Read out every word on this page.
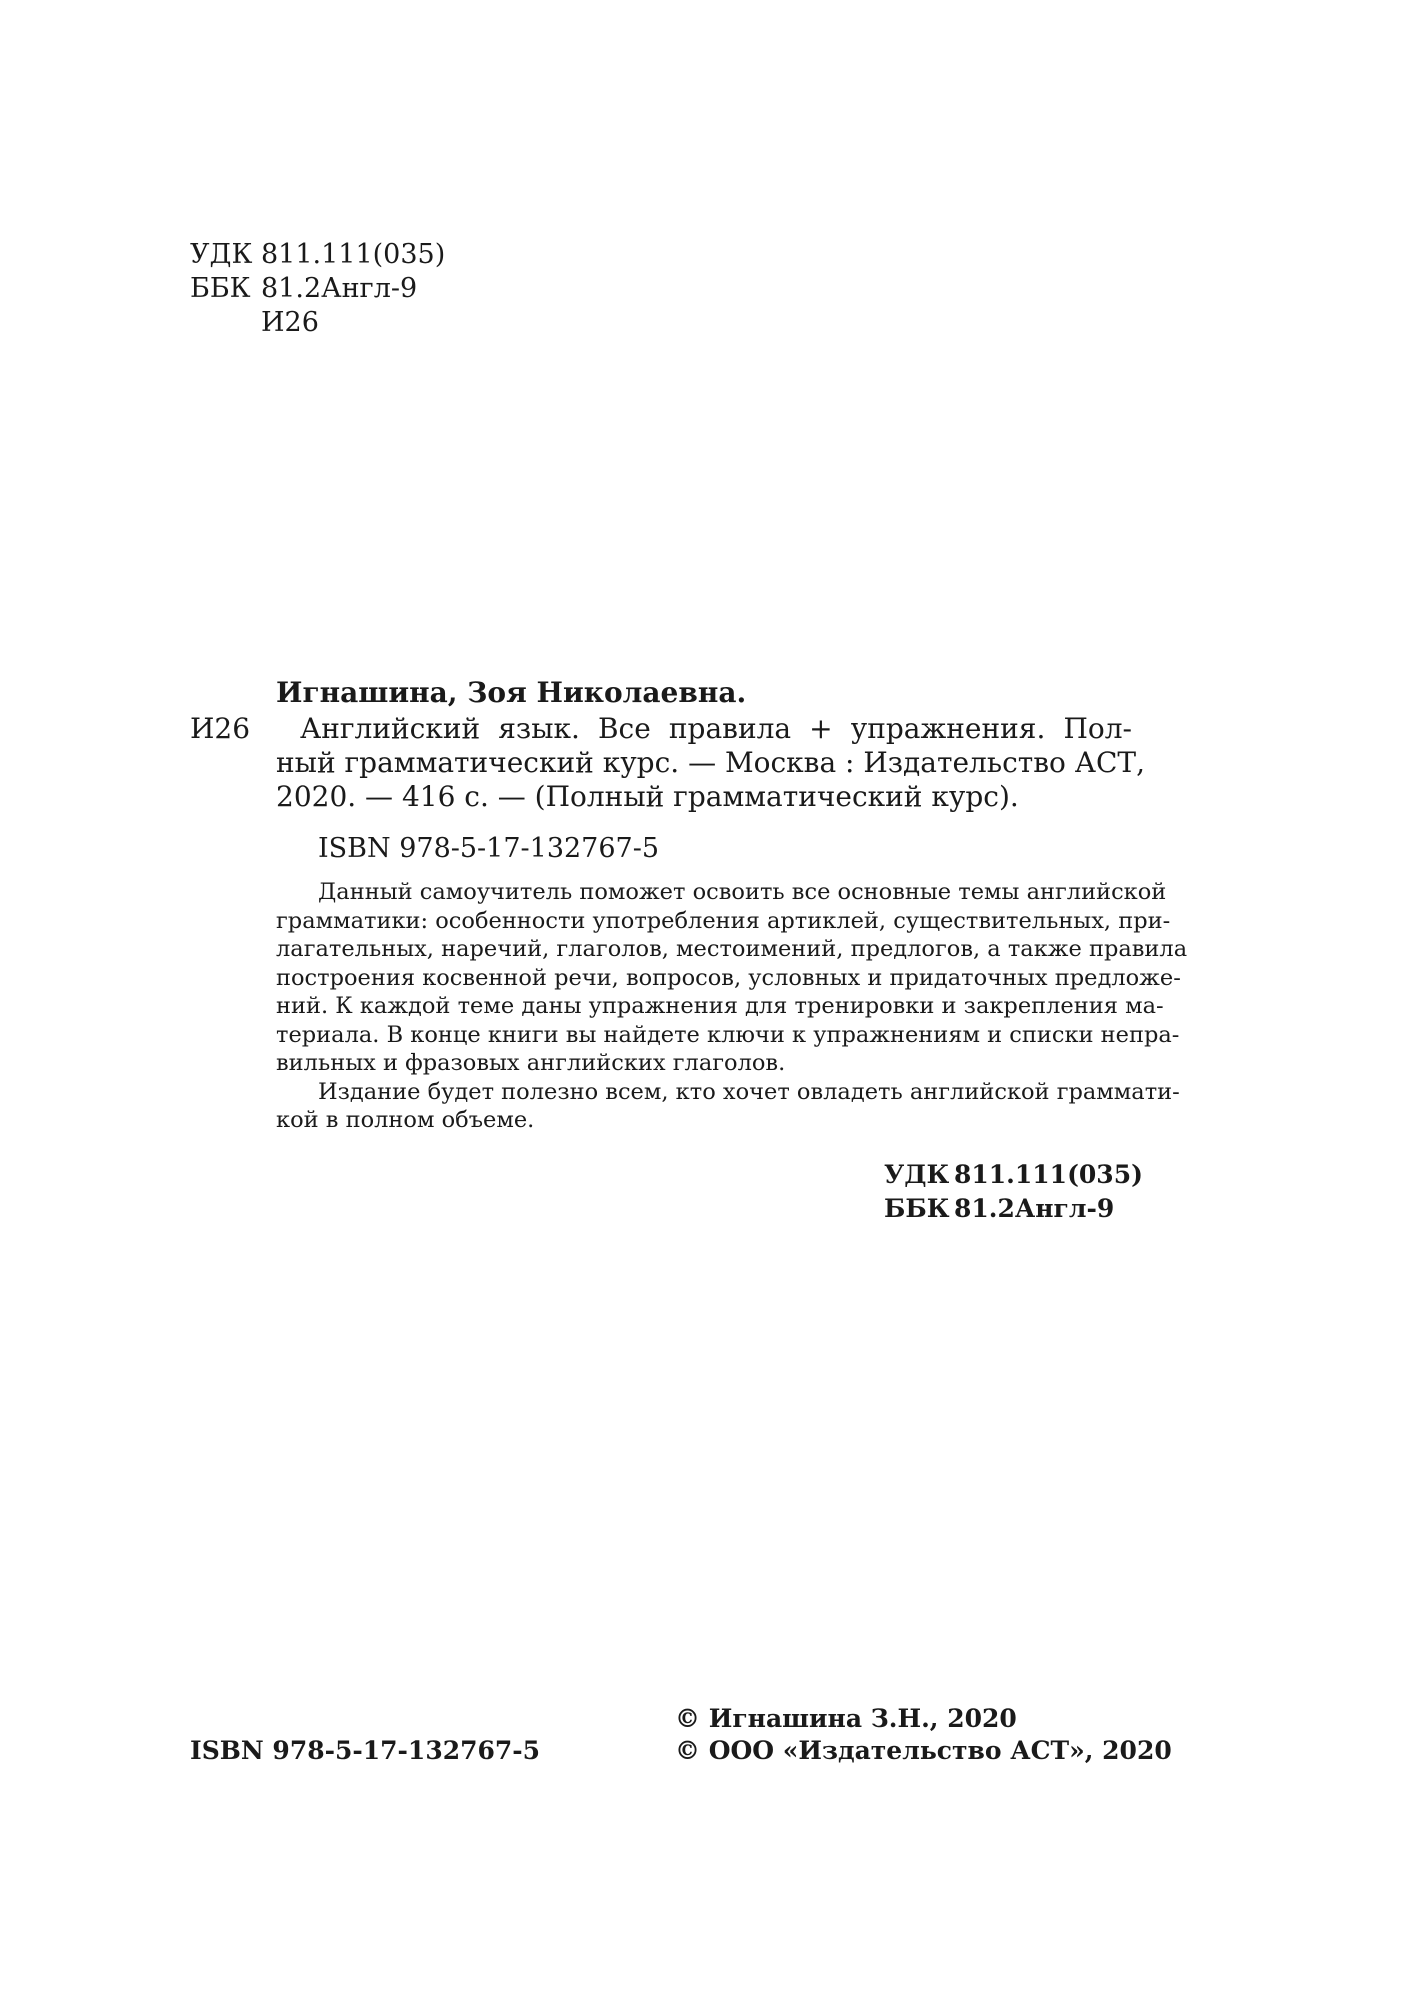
УДК 811.111(035)
ББК 81.2Англ-9
И26
Игнашина, Зоя Николаевна.
И26	Английский язык. Все правила + упражнения. Пол-
ный грамматический курс. — Москва : Издательство АСТ,
2020. — 416 с. — (Полный грамматический курс).
ISBN 978-5-17-132767-5
Данный самоучитель поможет освоить все основные темы английской
грамматики: особенности употребления артиклей, существительных, при-
лагательных, наречий, глаголов, местоимений, предлогов, а также правила
построения косвенной речи, вопросов, условных и придаточных предложе-
ний. К каждой теме даны упражнения для тренировки и закрепления ма-
териала. В конце книги вы найдете ключи к упражнениям и списки непра-
вильных и фразовых английских глаголов.
Издание будет полезно всем, кто хочет овладеть английской граммати-
кой в полном объеме.
УДК 811.111(035)
ББК 81.2Англ-9
ISBN 978-5-17-132767-5
© Игнашина З.Н., 2020
© ООО «Издательство АСТ», 2020
